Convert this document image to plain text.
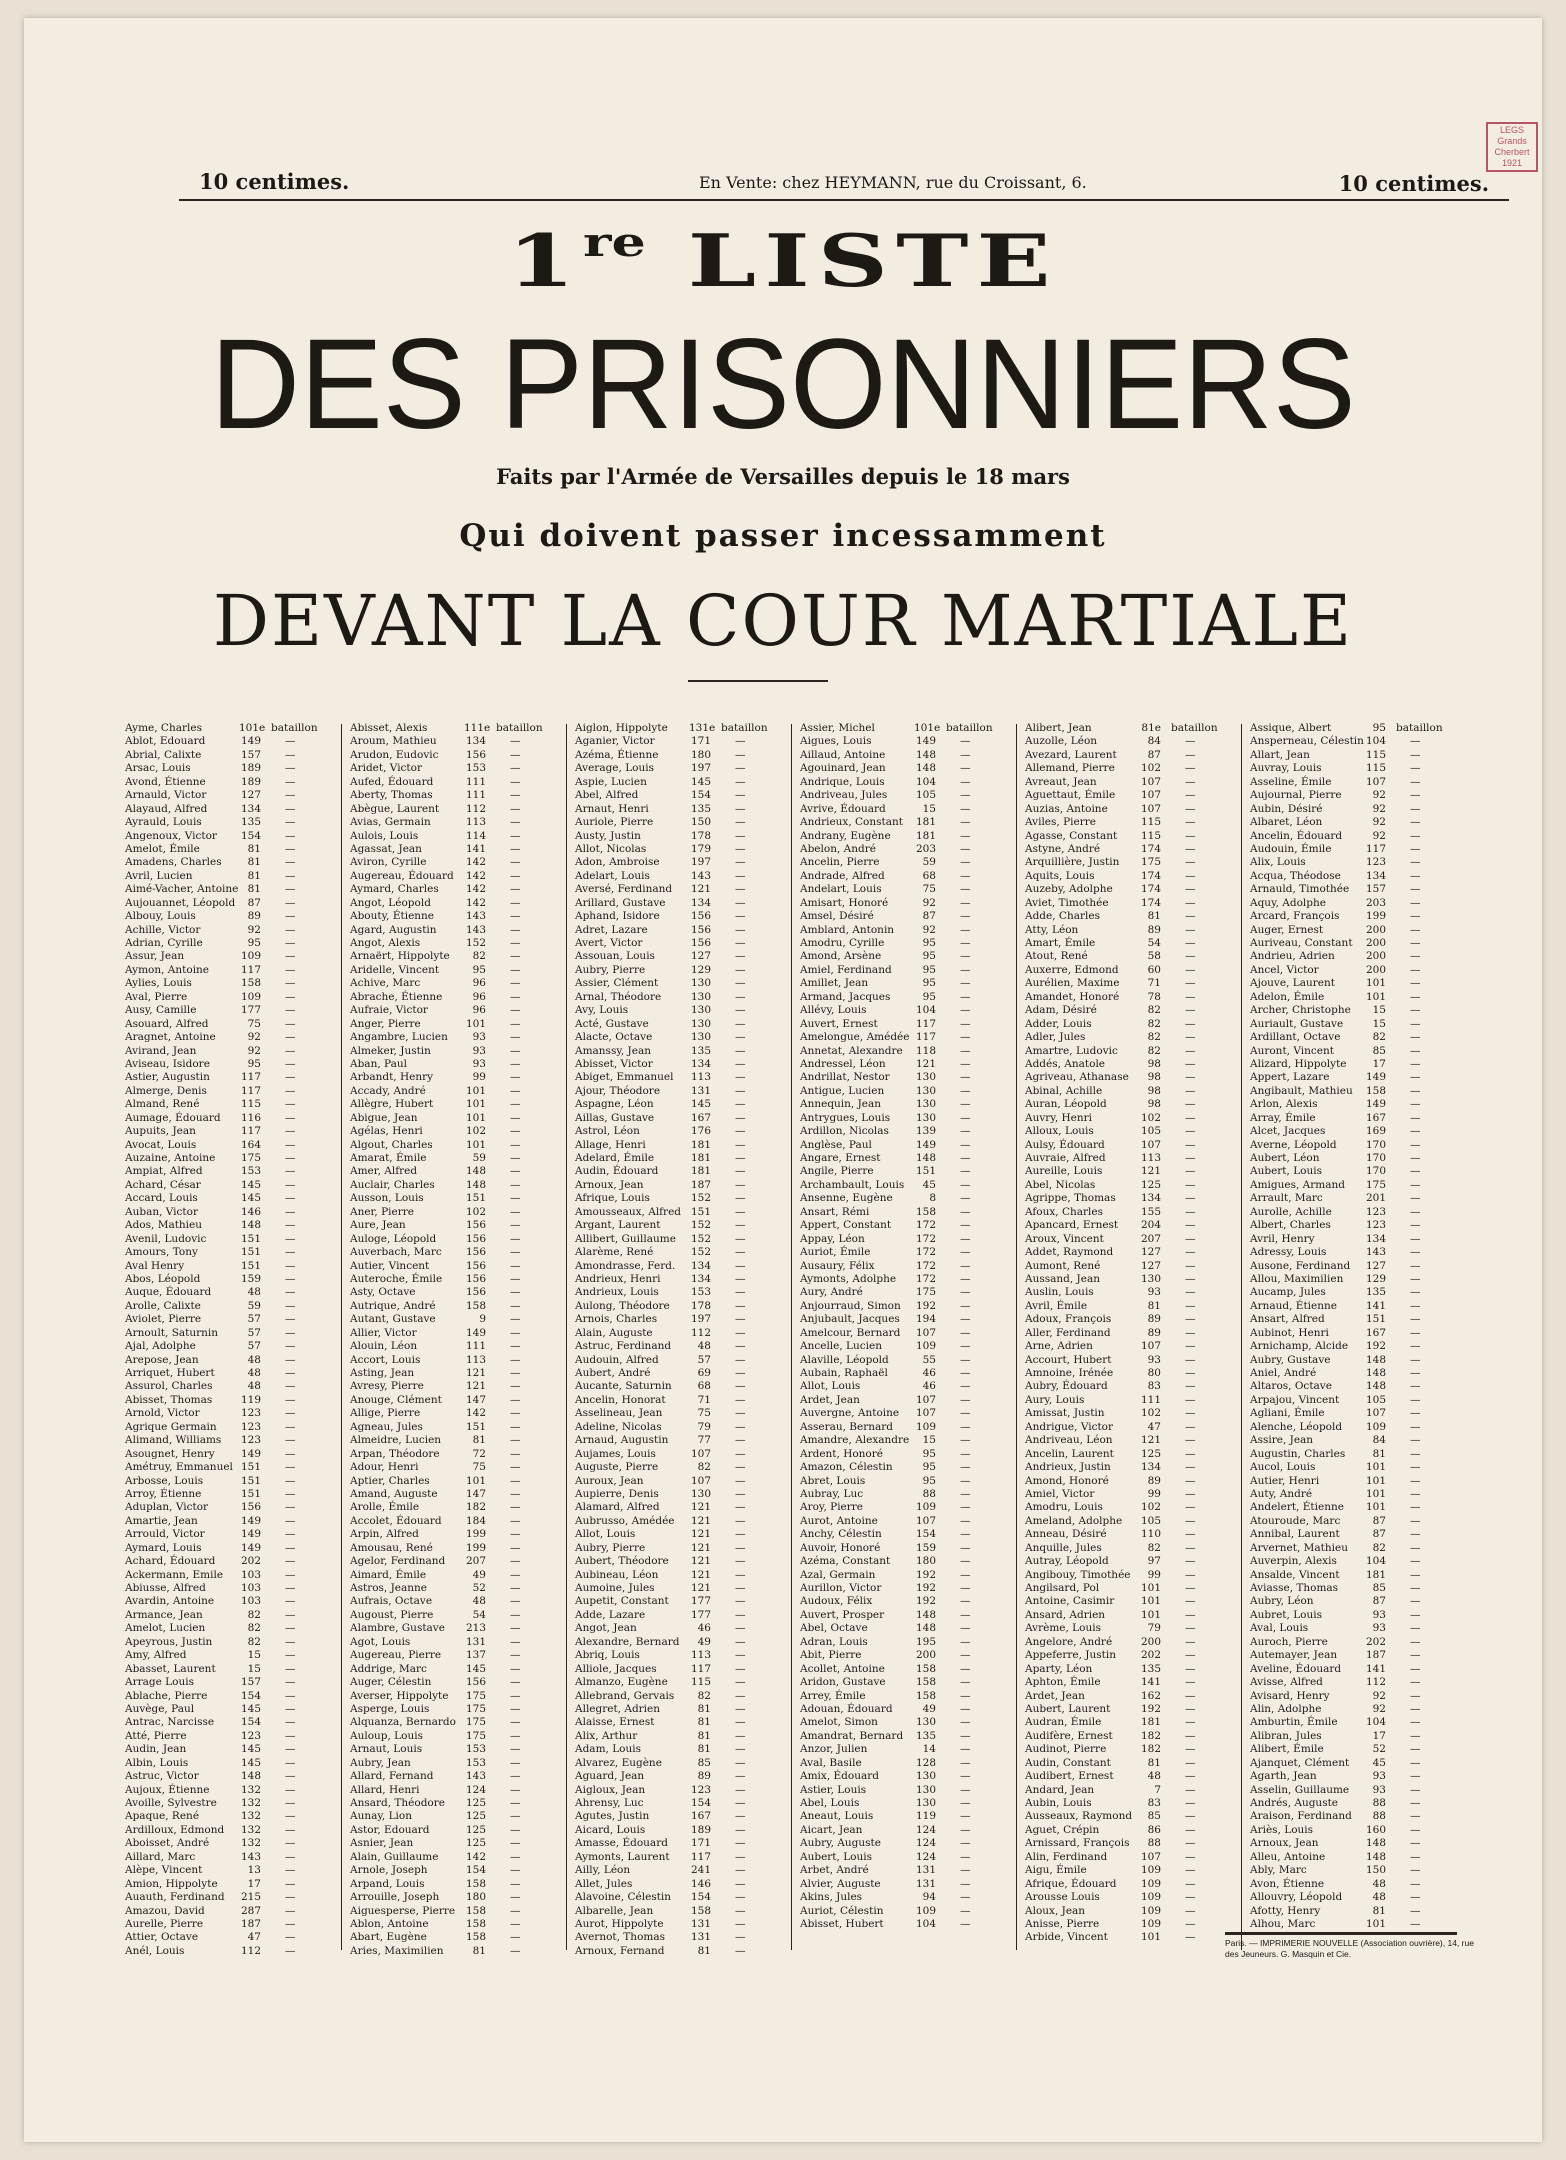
LEGS
Grands
Cherbert
1921
10 centimes.	En Vente: chez HEYMANN, rue du Croissant, 6.	10 centimes.
1re LISTE
DES PRISONNIERS
Faits par l'Armée de Versailles depuis le 18 mars
Qui doivent passer incessamment
DEVANT LA COUR MARTIALE
Ayme, Charles	101e bataillon
Ablot, Edouard	149 —
Abrial, Calixte	157 —
Arsac, Louis	189 —
Avond, Étienne	189 —
Arnauld, Victor	127 —
Alayaud, Alfred	134 —
Ayrauld, Louis	135 —
Angenoux, Victor 154 —
Amelot, Émile	81 —
Amadens, Charles	81 —
Avril, Lucien	81 —
Aimé-Vacher, Antoine 81 —
Aujouannet, Léopold	87 —
Albouy, Louis	89 —
Achille, Victor	92 —
Adrian, Cyrille	95 —
Assur, Jean	109 —
Aymon, Antoine	117 —
Aylies, Louis	158 —
Aval, Pierre	109 —
Ausy, Camille	177 —
Asouard, Alfred	75 —
Aragnet, Antoine	92 —
Avirand, Jean	92 —
Aviseau, Isidore	95 —
Astier, Augustin	117 —
Almerge, Denis	117 —
Almand, René	115 —
Aumage, Édouard 116 —
Aupuits, Jean	117 —
Avocat, Louis	164 —
Auzaine, Antoine 175 —
Ampiat, Alfred	153 —
Achard, César	145 —
Accard, Louis	145 —
Auban, Victor	146 —
Ados, Mathieu	148 —
Avenil, Ludovic	151 —
Amours, Tony	151 —
Aval Henry	151 —
Abos, Léopold	159 —
Auque, Édouard	48 —
Arolle, Calixte	59 —
Aviolet, Pierre	57 —
Arnoult, Saturnin	57 —
Ajal, Adolphe	57 —
Arepose, Jean	48 —
Arriquet, Hubert	48 —
Assurol, Charles	48 —
Abisset, Thomas	119 —
Arnold, Victor	123 —
Agrique Germain 123 —
Alimand, Williams 123 —
Asougnet, Henry 149 —
Amétruy, Emmanuel 151 —
Arbosse, Louis	151 —
Arroy, Étienne	151 —
Aduplan, Victor	156 —
Amartie, Jean	149 —
Arrould, Victor	149 —
Aymard, Louis	149 —
Achard, Édouard 202 —
Ackermann, Emile 103 —
Abiusse, Alfred	103 —
Avardin, Antoine	103 —
Armance, Jean	82 —
Amelot, Lucien	82 —
Apeyrous, Justin	82 —
Amy, Alfred	15 —
Abasset, Laurent	15 —
Arrage Louis	157 —
Ablache, Pierre	154 —
Auvège, Paul	145 —
Antrac, Narcisse	154 —
Atté, Pierre	123 —
Audin, Jean	145 —
Albin, Louis	145 —
Astruc, Victor	148 —
Aujoux, Étienne	132 —
Avoille, Sylvestre 132 —
Apaque, René	132 —
Ardilloux, Edmond 132 —
Aboisset, André	132 —
Aillard, Marc	143 —
Alèpe, Vincent	13 —
Amion, Hippolyte	17 —
Auauth, Ferdinand 215 —
Amazou, David	287 —
Aurelle, Pierre	187 —
Attier, Octave	47 —
Anél, Louis	112 —
Abisset, Alexis	111e bataillon
Aroum, Mathieu	134 —
Arudon, Eudovic	156 —
Aridet, Victor	153 —
Aufed, Édouard	111 —
Aberty, Thomas	111 —
Abègue, Laurent	112 —
Avias, Germain	113 —
Aulois, Louis	114 —
Agassat, Jean	141 —
Aviron, Cyrille	142 —
Augereau, Édouard 142 —
Aymard, Charles	142 —
Angot, Léopold	142 —
Abouty, Étienne	143 —
Agard, Augustin	143 —
Angot, Alexis	152 —
Arnaërt, Hippolyte	82 —
Aridelle, Vincent	95 —
Achive, Marc	96 —
Abrache, Étienne	96 —
Aufraie, Victor	96 —
Anger, Pierre	101 —
Angambre, Lucien	93 —
Almeker, Justin	93 —
Aban, Paul	93 —
Arbandt, Henry	99 —
Accady, André	101 —
Allègre, Hubert	101 —
Abigue, Jean	101 —
Agélas, Henri	102 —
Algout, Charles	101 —
Amarat, Émile	59 —
Amer, Alfred	148 —
Auclair, Charles	148 —
Ausson, Louis	151 —
Aner, Pierre	102 —
Aure, Jean	156 —
Auloge, Léopold	156 —
Auverbach, Marc 156 —
Autier, Vincent	156 —
Auteroche, Émile 156 —
Asty, Octave	156 —
Autrique, André	158 —
Autant, Gustave	9 —
Allier, Victor	149 —
Alouin, Léon	111 —
Accort, Louis	113 —
Asting, Jean	121 —
Avresy, Pierre	121 —
Anouge, Clément 147 —
Allige, Pierre	142 —
Agneau, Jules	151 —
Almeidre, Lucien	81 —
Arpan, Théodore	72 —
Adour, Henri	75 —
Aptier, Charles	101 —
Amand, Auguste	147 —
Arolle, Émile	182 —
Accolet, Édouard 184 —
Arpin, Alfred	199 —
Amousau, René	199 —
Agelor, Ferdinand 207 —
Aimard, Émile	49 —
Astros, Jeanne	52 —
Aufrais, Octave	48 —
Augoust, Pierre	54 —
Alambre, Gustave 213 —
Agot, Louis	131 —
Augereau, Pierre 137 —
Addrige, Marc	145 —
Auger, Célestin	156 —
Averser, Hippolyte 175 —
Asperge, Louis	175 —
Alquanza, Bernardo 175 —
Auloup, Louis	175 —
Arnaut, Louis	153 —
Aubry, Jean	153 —
Allard, Fernand	143 —
Allard, Henri	124 —
Ansard, Théodore 125 —
Aunay, Lion	125 —
Astor, Edouard	125 —
Asnier, Jean	125 —
Alain, Guillaume	142 —
Arnole, Joseph	154 —
Arpand, Louis	158 —
Arrouille, Joseph	180 —
Aiguesperse, Pierre 158 —
Ablon, Antoine	158 —
Abart, Eugène	158 —
Aries, Maximilien	81 —
Aiglon, Hippolyte 131e bataillon
Aganier, Victor	171 —
Azéma, Étienne	180 —
Average, Louis	197 —
Aspie, Lucien	145 —
Abel, Alfred	154 —
Arnaut, Henri	135 —
Auriole, Pierre	150 —
Austy, Justin	178 —
Allot, Nicolas	179 —
Adon, Ambroise	197 —
Adelart, Louis	143 —
Aversé, Ferdinand 121 —
Arillard, Gustave 134 —
Aphand, Isidore	156 —
Adret, Lazare	156 —
Avert, Victor	156 —
Assouan, Louis	127 —
Aubry, Pierre	129 —
Assier, Clément	130 —
Arnal, Théodore	130 —
Avy, Louis	130 —
Acté, Gustave	130 —
Alacte, Octave	130 —
Amanssy, Jean	135 —
Abisset, Victor	134 —
Abiget, Emmanuel 113 —
Ajour, Théodore	131 —
Aspagne, Léon	145 —
Aillas, Gustave	167 —
Astrol, Léon	176 —
Allage, Henri	181 —
Adelard, Émile	181 —
Audin, Édouard	181 —
Arnoux, Jean	187 —
Afrique, Louis	152 —
Amousseaux, Alfred 151 —
Argant, Laurent	152 —
Allibert, Guillaume 152 —
Alarème, René	152 —
Amondrasse, Ferd. 134 —
Andrieux, Henri	134 —
Andrieux, Louis	153 —
Aulong, Théodore 178 —
Arnois, Charles	197 —
Alain, Auguste	112 —
Astruc, Ferdinand	48 —
Audouin, Alfred	57 —
Aubert, André	69 —
Aucante, Saturnin	68 —
Ancelin, Honorat	71 —
Asselineau, Jean	75 —
Adeline, Nicolas	79 —
Arnaud, Augustin	77 —
Aujames, Louis	107 —
Auguste, Pierre	82 —
Auroux, Jean	107 —
Aupierre, Denis	130 —
Alamard, Alfred	121 —
Aubrusso, Amédée 121 —
Allot, Louis	121 —
Aubry, Pierre	121 —
Aubert, Théodore 121 —
Aubineau, Léon	121 —
Aumoine, Jules	121 —
Aupetit, Constant 177 —
Adde, Lazare	177 —
Angot, Jean	46 —
Alexandre, Bernard	49 —
Abriq, Louis	113 —
Alliole, Jacques	117 —
Almanzo, Eugène 115 —
Allebrand, Gervais	82 —
Allegret, Adrien	81 —
Alaisse, Ernest	81 —
Alix, Arthur	81 —
Adam, Louis	81 —
Alvarez, Eugène	85 —
Aguard, Jean	89 —
Aigloux, Jean	123 —
Ahrensy, Luc	154 —
Agutes, Justin	167 —
Aicard, Louis	189 —
Amasse, Édouard 171 —
Aymonts, Laurent 117 —
Ailly, Léon	241 —
Allet, Jules	146 —
Alavoine, Célestin 154 —
Albarelle, Jean	158 —
Aurot, Hippolyte	131 —
Avernot, Thomas 131 —
Arnoux, Fernand	81 —
Assier, Michel	101e bataillon
Aigues, Louis	149 —
Aillaud, Antoine	148 —
Agouinard, Jean	148 —
Andrique, Louis	104 —
Andriveau, Jules	105 —
Avrive, Édouard	15 —
Andrieux, Constant 181 —
Andrany, Eugène 181 —
Abelon, André	203 —
Ancelin, Pierre	59 —
Andrade, Alfred	68 —
Andelart, Louis	75 —
Amisart, Honoré	92 —
Amsel, Désiré	87 —
Amblard, Antonin	92 —
Amodru, Cyrille	95 —
Amond, Arsène	95 —
Amiel, Ferdinand	95 —
Amillet, Jean	95 —
Armand, Jacques	95 —
Allévy, Louis	104 —
Auvert, Ernest	117 —
Amelongue, Amédée 117 —
Annetat, Alexandre 118 —
Andressel, Léon	121 —
Andrillat, Nestor	130 —
Antigue, Lucien	130 —
Annequin, Jean	130 —
Antrygues, Louis 130 —
Ardillon, Nicolas	139 —
Anglèse, Paul	149 —
Angare, Ernest	148 —
Angile, Pierre	151 —
Archambault, Louis	45 —
Ansenne, Eugène	8 —
Ansart, Rémi	158 —
Appert, Constant 172 —
Appay, Léon	172 —
Auriot, Émile	172 —
Ausaury, Félix	172 —
Aymonts, Adolphe 172 —
Aury, André	175 —
Anjourraud, Simon 192 —
Anjubault, Jacques 194 —
Amelcour, Bernard 107 —
Ancelle, Lucien	109 —
Alaville, Léopold	55 —
Aubain, Raphaël	46 —
Allot, Louis	46 —
Ardet, Jean	107 —
Auvergne, Antoine 107 —
Asserau, Bernard 109 —
Amandre, Alexandre	15 —
Ardent, Honoré	95 —
Amazon, Célestin	95 —
Abret, Louis	95 —
Aubray, Luc	88 —
Aroy, Pierre	109 —
Aurot, Antoine	107 —
Anchy, Célestin	154 —
Auvoir, Honoré	159 —
Azéma, Constant 180 —
Azal, Germain	192 —
Aurillon, Victor	192 —
Audoux, Félix	192 —
Auvert, Prosper	148 —
Abel, Octave	148 —
Adran, Louis	195 —
Abit, Pierre	200 —
Acollet, Antoine	158 —
Aridon, Gustave	158 —
Arrey, Émile	158 —
Adouan, Édouard	49 —
Amelot, Simon	130 —
Amandrat, Bernard 135 —
Anzor, Julien	14 —
Aval, Basile	128 —
Amix, Édouard	130 —
Astier, Louis	130 —
Abel, Louis	130 —
Aneaut, Louis	119 —
Aicart, Jean	124 —
Aubry, Auguste	124 —
Aubert, Louis	124 —
Arbet, André	131 —
Alvier, Auguste	131 —
Akins, Jules	94 —
Auriot, Célestin	109 —
Abisset, Hubert	104 —
Alibert, Jean	81e bataillon
Auzolle, Léon	84 —
Avezard, Laurent	87 —
Allemand, Pierre 102 —
Avreaut, Jean	107 —
Aguettaut, Émile 107 —
Auzias, Antoine	107 —
Aviles, Pierre	115 —
Agasse, Constant 115 —
Astyne, André	174 —
Arquillière, Justin 175 —
Aquits, Louis	174 —
Auzeby, Adolphe	174 —
Aviet, Timothée	174 —
Adde, Charles	81 —
Atty, Léon	89 —
Amart, Émile	54 —
Atout, René	58 —
Auxerre, Edmond	60 —
Aurélien, Maxime	71 —
Amandet, Honoré	78 —
Adam, Désiré	82 —
Adder, Louis	82 —
Adler, Jules	82 —
Amartre, Ludovic	82 —
Addés, Anatole	98 —
Agriveau, Athanase	98 —
Abinal, Achille	98 —
Auran, Léopold	98 —
Auvry, Henri	102 —
Alloux, Louis	105 —
Aulsy, Édouard	107 —
Auvraie, Alfred	113 —
Aureille, Louis	121 —
Abel, Nicolas	125 —
Agrippe, Thomas 134 —
Afoux, Charles	155 —
Apancard, Ernest 204 —
Aroux, Vincent	207 —
Addet, Raymond	127 —
Aumont, René	127 —
Aussand, Jean	130 —
Auslin, Louis	93 —
Avril, Émile	81 —
Adoux, François	89 —
Aller, Ferdinand	89 —
Arne, Adrien	107 —
Accourt, Hubert	93 —
Amnoine, Irénée	80 —
Aubry, Édouard	83 —
Aury, Louis	111 —
Amissat, Justin	102 —
Andrigue, Victor	47 —
Andriveau, Léon	121 —
Ancelin, Laurent	125 —
Andrieux, Justin	134 —
Amond, Honoré	89 —
Amiel, Victor	99 —
Amodru, Louis	102 —
Ameland, Adolphe 105 —
Anneau, Désiré	110 —
Anquille, Jules	82 —
Autray, Léopold	97 —
Angibouy, Timothée	99 —
Angilsard, Pol	101 —
Antoine, Casimir	101 —
Ansard, Adrien	101 —
Avrème, Louis	79 —
Angelore, André	200 —
Appeferre, Justin 202 —
Aparty, Léon	135 —
Aphton, Émile	141 —
Ardet, Jean	162 —
Aubert, Laurent	192 —
Audran, Émile	181 —
Audifère, Ernest	182 —
Audinot, Pierre	182 —
Audin, Constant	81 —
Audibert, Ernest	48 —
Andard, Jean	7 —
Aubin, Louis	83 —
Ausseaux, Raymond	85 —
Aguet, Crépin	86 —
Arnissard, François	88 —
Alin, Ferdinand	107 —
Aigu, Émile	109 —
Afrique, Édouard 109 —
Arousse Louis	109 —
Aloux, Jean	109 —
Anisse, Pierre	109 —
Arbide, Vincent	101 —
Assique, Albert	95 bataillon
Ansperneau, Célestin 104 —
Allart, Jean	115 —
Auvray, Louis	115 —
Asseline, Émile	107 —
Aujournal, Pierre	92 —
Aubin, Désiré	92 —
Albaret, Léon	92 —
Ancelin, Édouard	92 —
Audouin, Émile	117 —
Alix, Louis	123 —
Acqua, Théodose 134 —
Arnauld, Timothée 157 —
Aquy, Adolphe	203 —
Arcard, François	199 —
Auger, Ernest	200 —
Auriveau, Constant 200 —
Andrieu, Adrien	200 —
Ancel, Victor	200 —
Ajouve, Laurent	101 —
Adelon, Émile	101 —
Archer, Christophe	15 —
Auriault, Gustave	15 —
Ardillant, Octave	82 —
Auront, Vincent	85 —
Alizard, Hippolyte	17 —
Appert, Lazare	149 —
Angibault, Mathieu 158 —
Arlon, Alexis	149 —
Array, Émile	167 —
Alcet, Jacques	169 —
Averne, Léopold	170 —
Aubert, Léon	170 —
Aubert, Louis	170 —
Amigues, Armand 175 —
Arrault, Marc	201 —
Aurolle, Achille	123 —
Albert, Charles	123 —
Avril, Henry	134 —
Adressy, Louis	143 —
Ausone, Ferdinand 127 —
Allou, Maximilien 129 —
Aucamp, Jules	135 —
Arnaud, Étienne	141 —
Ansart, Alfred	151 —
Aubinot, Henri	167 —
Arnichamp, Alcide 192 —
Aubry, Gustave	148 —
Aniel, André	148 —
Altaros, Octave	148 —
Arpajou, Vincent	105 —
Agliani, Émile	107 —
Alenche, Léopold 109 —
Assire, Jean	84 —
Augustin, Charles	81 —
Aucol, Louis	101 —
Autier, Henri	101 —
Auty, André	101 —
Andelert, Étienne 101 —
Atouroude, Marc	87 —
Annibal, Laurent	87 —
Arvernet, Mathieu	82 —
Auverpin, Alexis	104 —
Ansalde, Vincent	181 —
Aviasse, Thomas	85 —
Aubry, Léon	87 —
Aubret, Louis	93 —
Aval, Louis	93 —
Auroch, Pierre	202 —
Autemayer, Jean	187 —
Aveline, Édouard 141 —
Avisse, Alfred	112 —
Avisard, Henry	92 —
Alin, Adolphe	92 —
Amburtin, Émile	104 —
Alibran, Jules	17 —
Alibert, Émile	52 —
Ajanquet, Clément	45 —
Agarth, Jean	93 —
Asselin, Guillaume	93 —
Andrés, Auguste	88 —
Araison, Ferdinand	88 —
Ariès, Louis	160 —
Arnoux, Jean	148 —
Alleu, Antoine	148 —
Ably, Marc	150 —
Avon, Étienne	48 —
Allouvry, Léopold	48 —
Afotty, Henry	81 —
Alhou, Marc	101 —
Paris. — IMPRIMERIE NOUVELLE (Association ouvrière), 14, rue des Jeuneurs. G. Masquin et Cie.
